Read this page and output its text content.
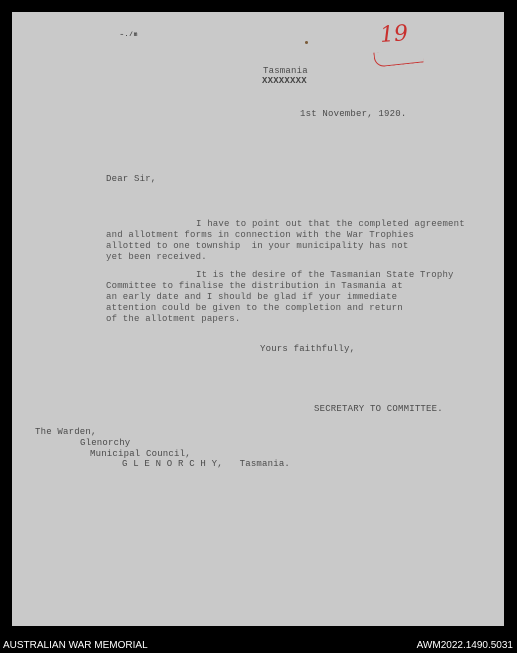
–./m	19
Tasmania
XXXXXXXX
1st November, 1920.
Dear Sir,
I have to point out that the completed agreement
and allotment forms in connection with the War Trophies
allotted to one township  in your municipality has not
yet been received.
It is the desire of the Tasmanian State Trophy
Committee to finalise the distribution in Tasmania at
an early date and I should be glad if your immediate
attention could be given to the completion and return
of the allotment papers.
Yours faithfully,
SECRETARY TO COMMITTEE.
The Warden,
Glenorchy
Municipal Council,
G L E N O R C H Y,   Tasmania.
AUSTRALIAN WAR MEMORIAL	AWM2022.1490.5031
